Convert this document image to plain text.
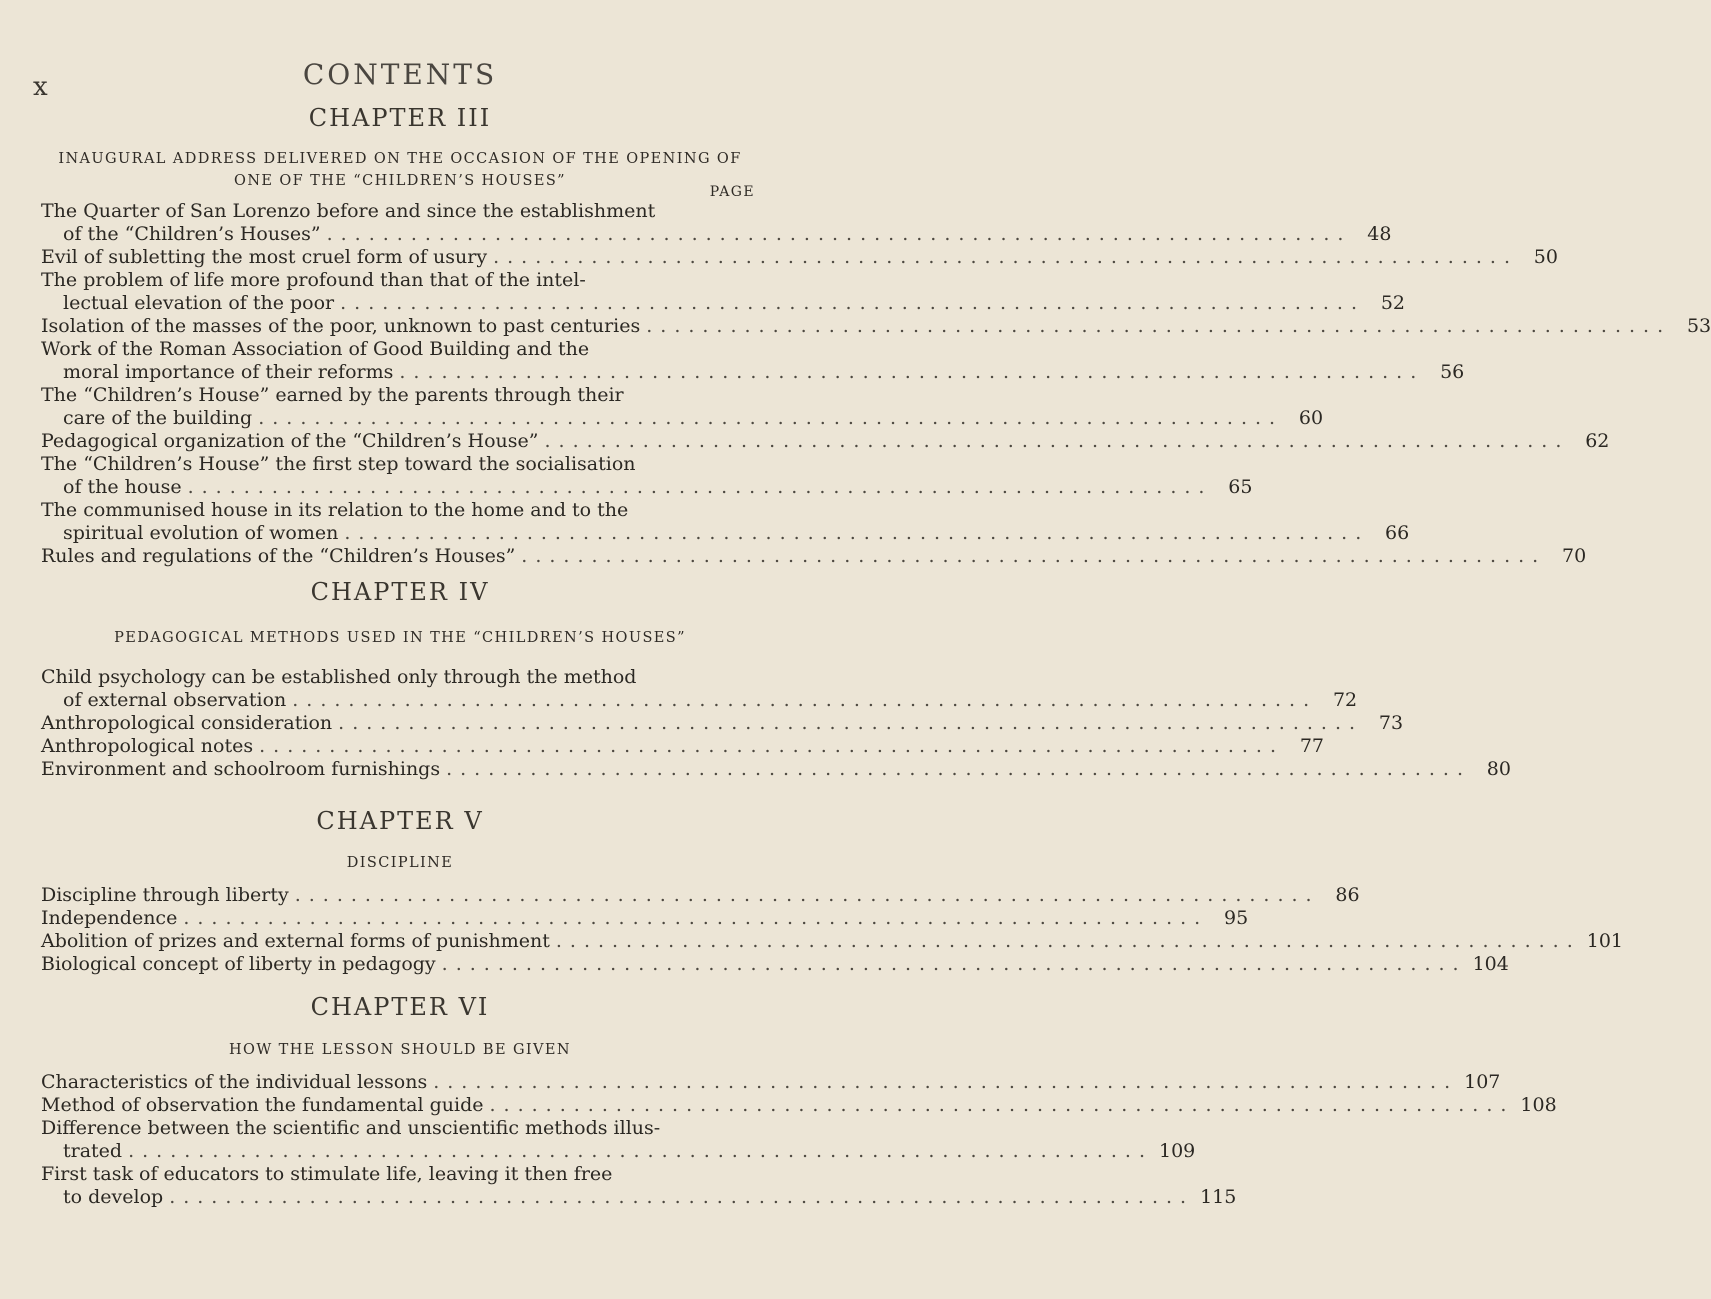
x	CONTENTS
CHAPTER III
INAUGURAL ADDRESS DELIVERED ON THE OCCASION OF THE OPENING OF
ONE OF THE “CHILDREN’S HOUSES”
PAGE
The Quarter of San Lorenzo before and since the establishment
of the “Children’s Houses” ......................................................................... 48
Evil of subletting the most cruel form of usury ......................................................................... 50
The problem of life more profound than that of the intel-
lectual elevation of the poor ......................................................................... 52
Isolation of the masses of the poor, unknown to past centuries ......................................................................... 53
Work of the Roman Association of Good Building and the
moral importance of their reforms ......................................................................... 56
The “Children’s House” earned by the parents through their
care of the building ......................................................................... 60
Pedagogical organization of the “Children’s House” ......................................................................... 62
The “Children’s House” the first step toward the socialisation
of the house ......................................................................... 65
The communised house in its relation to the home and to the
spiritual evolution of women ......................................................................... 66
Rules and regulations of the “Children’s Houses” ......................................................................... 70
CHAPTER IV
PEDAGOGICAL METHODS USED IN THE “CHILDREN’S HOUSES”
Child psychology can be established only through the method
of external observation ......................................................................... 72
Anthropological consideration ......................................................................... 73
Anthropological notes ......................................................................... 77
Environment and schoolroom furnishings ......................................................................... 80
CHAPTER V
DISCIPLINE
Discipline through liberty ......................................................................... 86
Independence ......................................................................... 95
Abolition of prizes and external forms of punishment ......................................................................... 101
Biological concept of liberty in pedagogy ......................................................................... 104
CHAPTER VI
HOW THE LESSON SHOULD BE GIVEN
Characteristics of the individual lessons ......................................................................... 107
Method of observation the fundamental guide ......................................................................... 108
Difference between the scientific and unscientific methods illus-
trated ......................................................................... 109
First task of educators to stimulate life, leaving it then free
to develop ......................................................................... 115
